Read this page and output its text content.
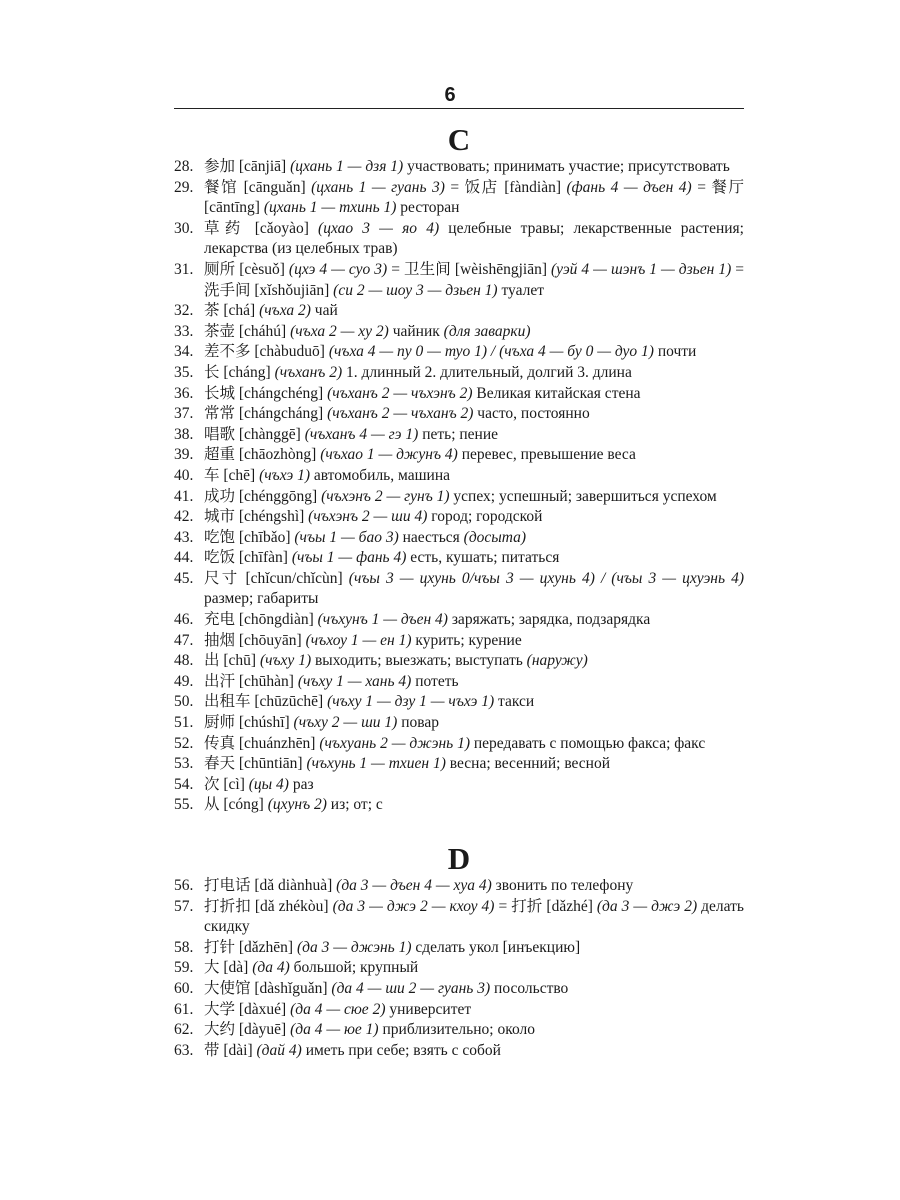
6
C
28. 参加 [cānjiā] (цхань 1 — дзя 1) участвовать; принимать участие; присутствовать
29. 餐馆 [cānguǎn] (цхань 1 — гуань 3) = 饭店 [fàndiàn] (фань 4 — дъен 4) = 餐厅 [cāntīng] (цхань 1 — тхинь 1) ресторан
30. 草药 [cǎoyào] (цхао 3 — яо 4) целебные травы; лекарственные растения; лекарства (из целебных трав)
31. 厕所 [cèsuǒ] (цхэ 4 — суо 3) = 卫生间 [wèishēngjiān] (уэй 4 — шэнъ 1 — дзьен 1) = 洗手间 [xǐshǒujiān] (си 2 — шоу 3 — дзьен 1) туалет
32. 茶 [chá] (чъха 2) чай
33. 茶壶 [cháhú] (чъха 2 — ху 2) чайник (для заварки)
34. 差不多 [chàbuduō] (чъха 4 — пу 0 — туо 1) / (чъха 4 — бу 0 — дуо 1) почти
35. 长 [cháng] (чъханъ 2) 1. длинный 2. длительный, долгий 3. длина
36. 长城 [chángchéng] (чъханъ 2 — чъхэнъ 2) Великая китайская стена
37. 常常 [chángcháng] (чъханъ 2 — чъханъ 2) часто, постоянно
38. 唱歌 [chànggē] (чъханъ 4 — гэ 1) петь; пение
39. 超重 [chāozhòng] (чъхао 1 — джунъ 4) перевес, превышение веса
40. 车 [chē] (чъхэ 1) автомобиль, машина
41. 成功 [chénggōng] (чъхэнъ 2 — гунъ 1) успех; успешный; завершиться успехом
42. 城市 [chéngshì] (чъхэнъ 2 — ши 4) город; городской
43. 吃饱 [chībǎo] (чъы 1 — бао 3) наесться (досыта)
44. 吃饭 [chīfàn] (чъы 1 — фань 4) есть, кушать; питаться
45. 尺寸 [chǐcun/chǐcùn] (чъы 3 — цхунь 0/чъы 3 — цхунь 4) / (чъы 3 — цхуэнь 4) размер; габариты
46. 充电 [chōngdiàn] (чъхунъ 1 — дъен 4) заряжать; зарядка, подзарядка
47. 抽烟 [chōuyān] (чъхоу 1 — ен 1) курить; курение
48. 出 [chū] (чъху 1) выходить; выезжать; выступать (наружу)
49. 出汗 [chūhàn] (чъху 1 — хань 4) потеть
50. 出租车 [chūzūchē] (чъху 1 — дзу 1 — чъхэ 1) такси
51. 厨师 [chúshī] (чъху 2 — ши 1) повар
52. 传真 [chuánzhēn] (чъхуань 2 — джэнь 1) передавать с помощью факса; факс
53. 春天 [chūntiān] (чъхунь 1 — тхиен 1) весна; весенний; весной
54. 次 [cì] (цы 4) раз
55. 从 [cóng] (цхунъ 2) из; от; с
D
56. 打电话 [dǎ diànhuà] (да 3 — дъен 4 — хуа 4) звонить по телефону
57. 打折扣 [dǎ zhékòu] (да 3 — джэ 2 — кхоу 4) = 打折 [dǎzhé] (да 3 — джэ 2) делать скидку
58. 打针 [dǎzhēn] (да 3 — джэнь 1) сделать укол [инъекцию]
59. 大 [dà] (да 4) большой; крупный
60. 大使馆 [dàshǐguǎn] (да 4 — ши 2 — гуань 3) посольство
61. 大学 [dàxué] (да 4 — сюе 2) университет
62. 大约 [dàyuē] (да 4 — юе 1) приблизительно; около
63. 带 [dài] (дай 4) иметь при себе; взять с собой
